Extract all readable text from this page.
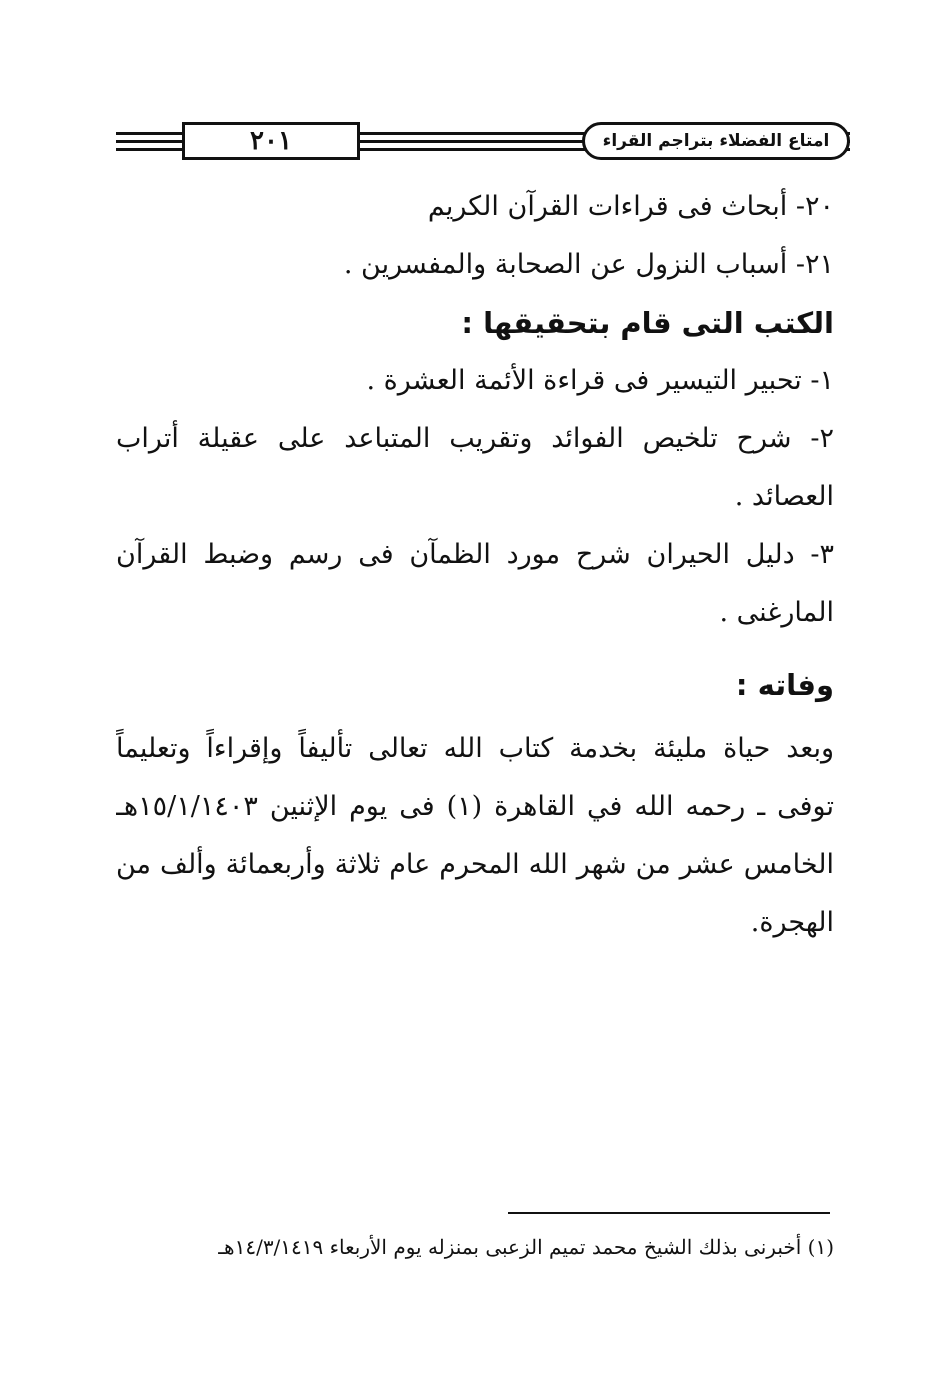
٢٠١	امتاع الفضلاء بتراجم القراء
٢٠- أبحاث فى قراءات القرآن الكريم
٢١- أسباب النزول عن الصحابة والمفسرين .
الكتب التى قام بتحقيقها :
١- تحبير التيسير فى قراءة الأئمة العشرة .
٢- شرح تلخيص الفوائد وتقريب المتباعد على عقيلة أتراب
العصائد .
٣- دليل الحيران شرح مورد الظمآن فى رسم وضبط القرآن
المارغنى .
وفاته :
وبعد حياة مليئة بخدمة كتاب الله تعالى تأليفاً وإقراءاً وتعليماً
توفى ـ رحمه الله في القاهرة (١) فى يوم الإثنين ١٥/١/١٤٠٣هـ
الخامس عشر من شهر الله المحرم عام ثلاثة وأربعمائة وألف من
الهجرة.
(١) أخبرنى بذلك الشيخ محمد تميم الزعبى بمنزله يوم الأربعاء ١٤/٣/١٤١٩هـ
